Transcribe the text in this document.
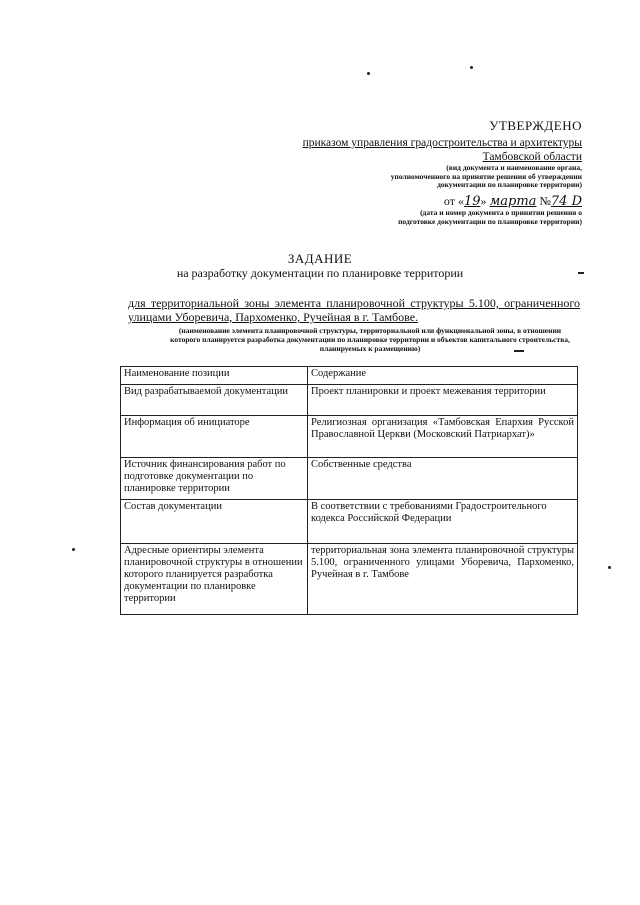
УТВЕРЖДЕНО
приказом управления градостроительства и архитектуры
Тамбовской области
(вид документа и наименование органа,
уполномоченного на принятие решения об утверждении
документации по планировке территории)
от «19» марта №74 D
(дата и номер документа о принятии решения о
подготовке документации по планировке территории)
ЗАДАНИЕ
на разработку документации по планировке территории
для территориальной зоны элемента планировочной структуры 5.100, ограниченного улицами Уборевича, Пархоменко, Ручейная в г. Тамбове.
(наименование элемента планировочной структуры, территориальной или функциональной зоны, в отношении
которого планируется разработка документации по планировке территории и объектов капитального строительства,
планируемых к размещению)
Наименование позиции	Содержание
Вид разрабатываемой документации	Проект планировки и проект межевания территории
Информация об инициаторе	Религиозная организация «Тамбовская Епархия Русской Православной Церкви (Московский Патриархат)»
Источник финансирования работ по подготовке документации по планировке территории	Собственные средства
Состав документации	В соответствии с требованиями Градостроительного кодекса Российской Федерации
Адресные ориентиры элемента планировочной структуры в отношении которого планируется разработка документации по планировке территории	территориальная зона элемента планировочной структуры 5.100, ограниченного улицами Уборевича, Пархоменко, Ручейная в г. Тамбове
